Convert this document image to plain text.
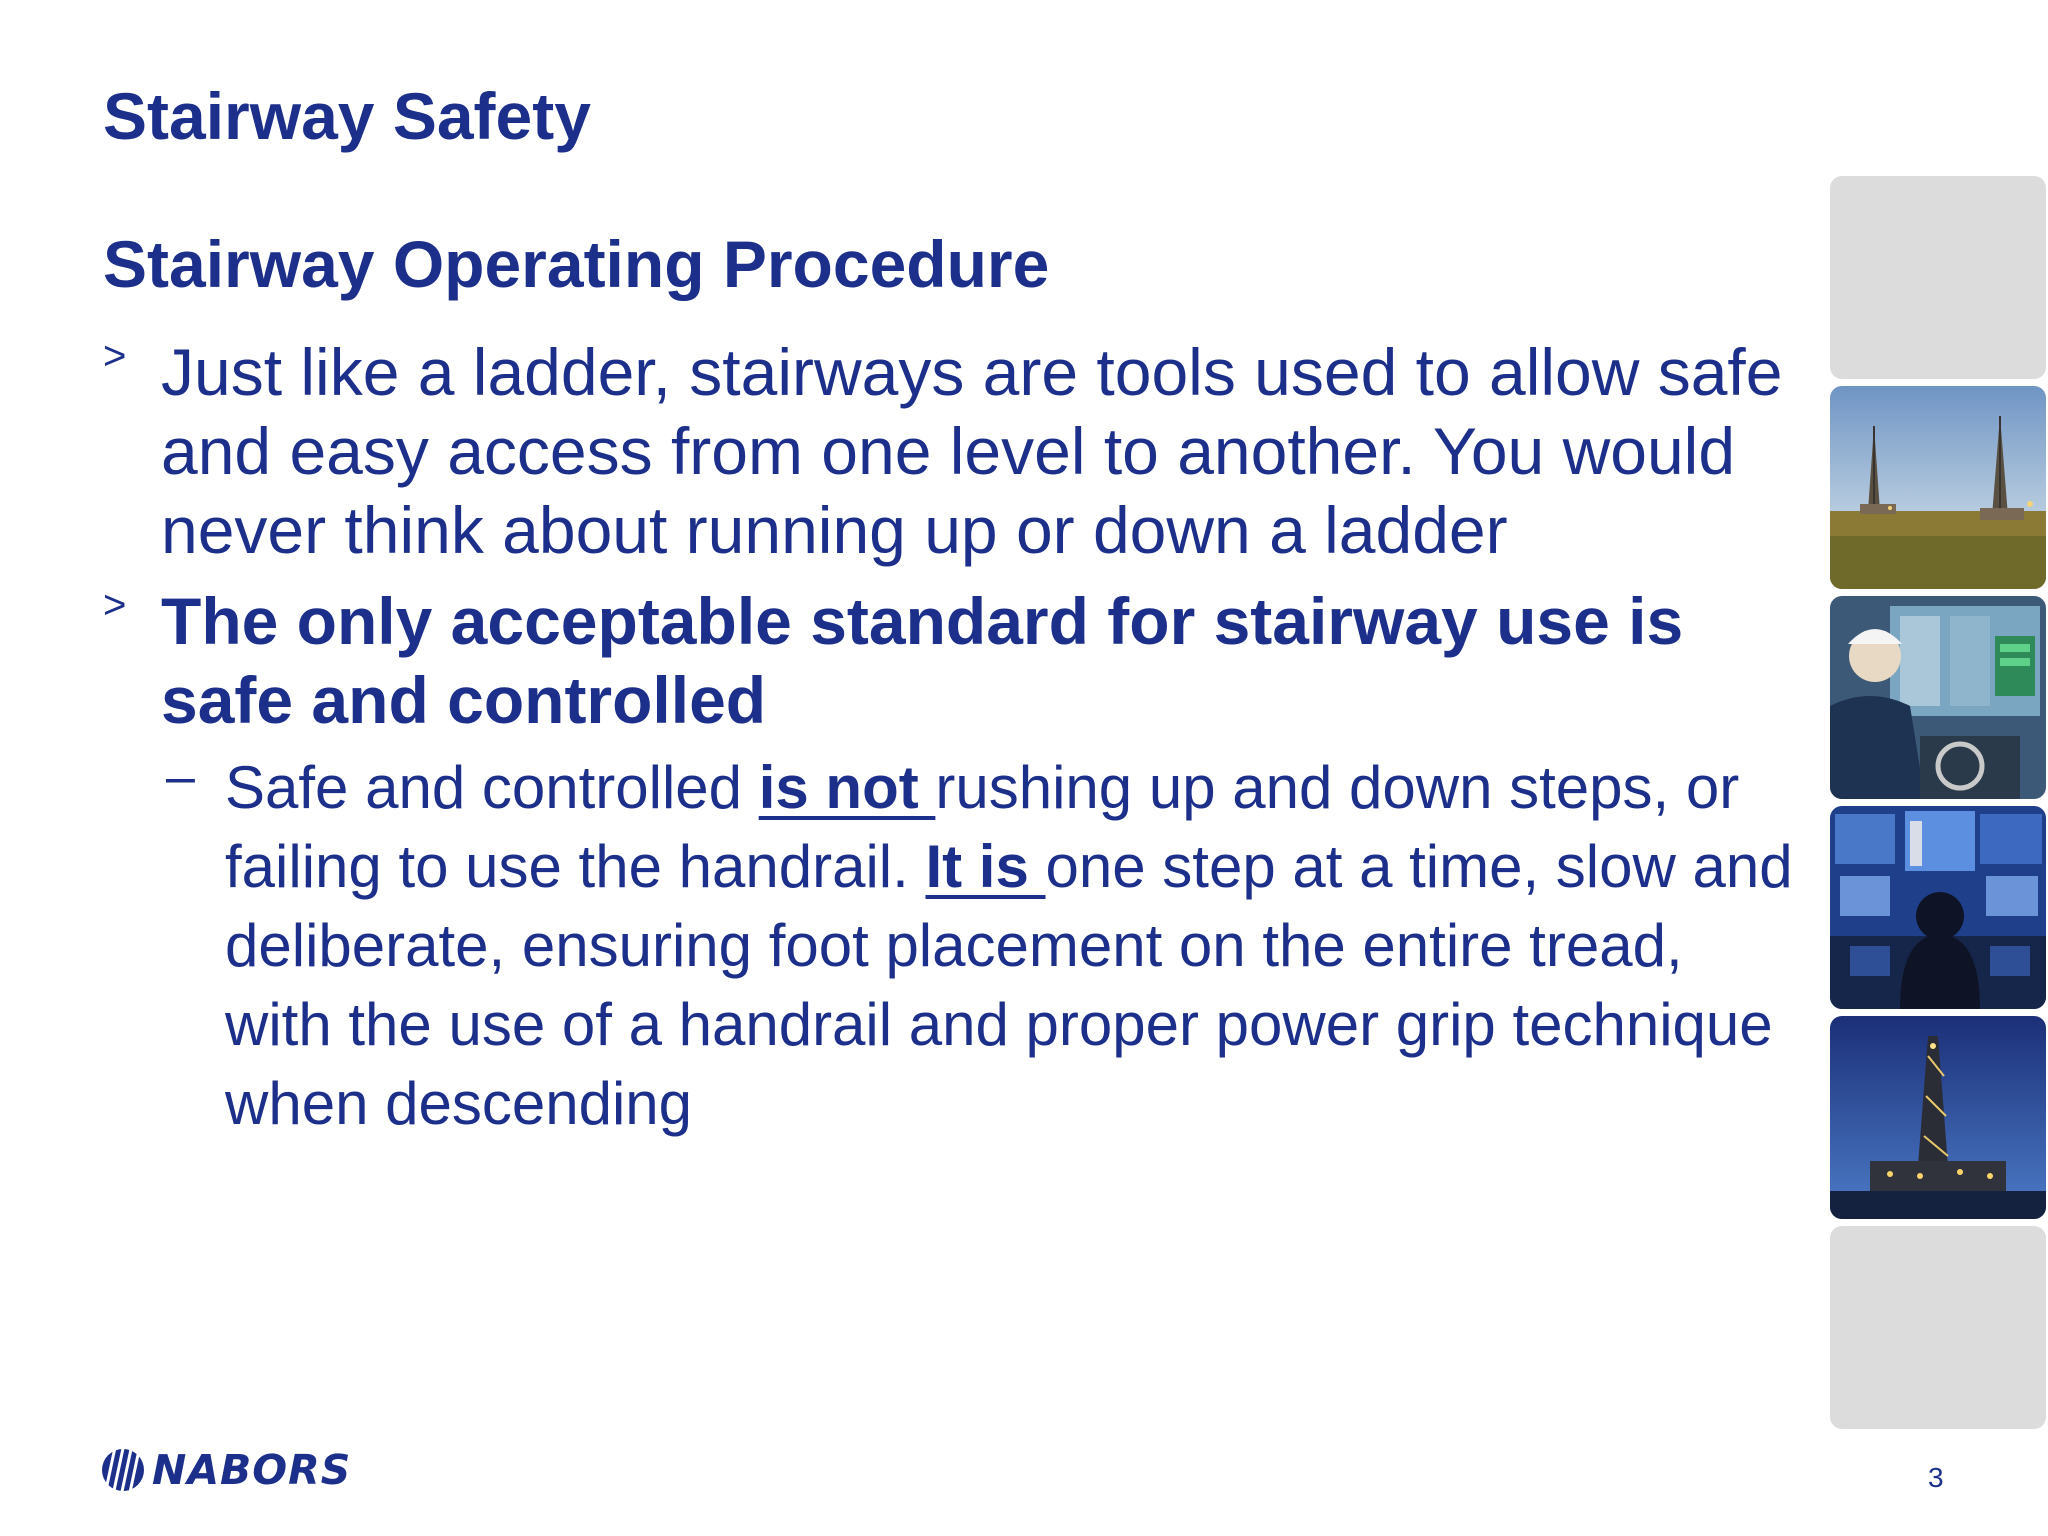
Stairway Safety
Stairway Operating Procedure

> Just like a ladder, stairways are tools used to allow safe and easy access from one level to another. You would never think about running up or down a ladder

> The only acceptable standard for stairway use is safe and controlled

– Safe and controlled is not rushing up and down steps, or failing to use the handrail. It is one step at a time, slow and deliberate, ensuring foot placement on the entire tread, with the use of a handrail and proper power grip technique when descending

NABORS	3
